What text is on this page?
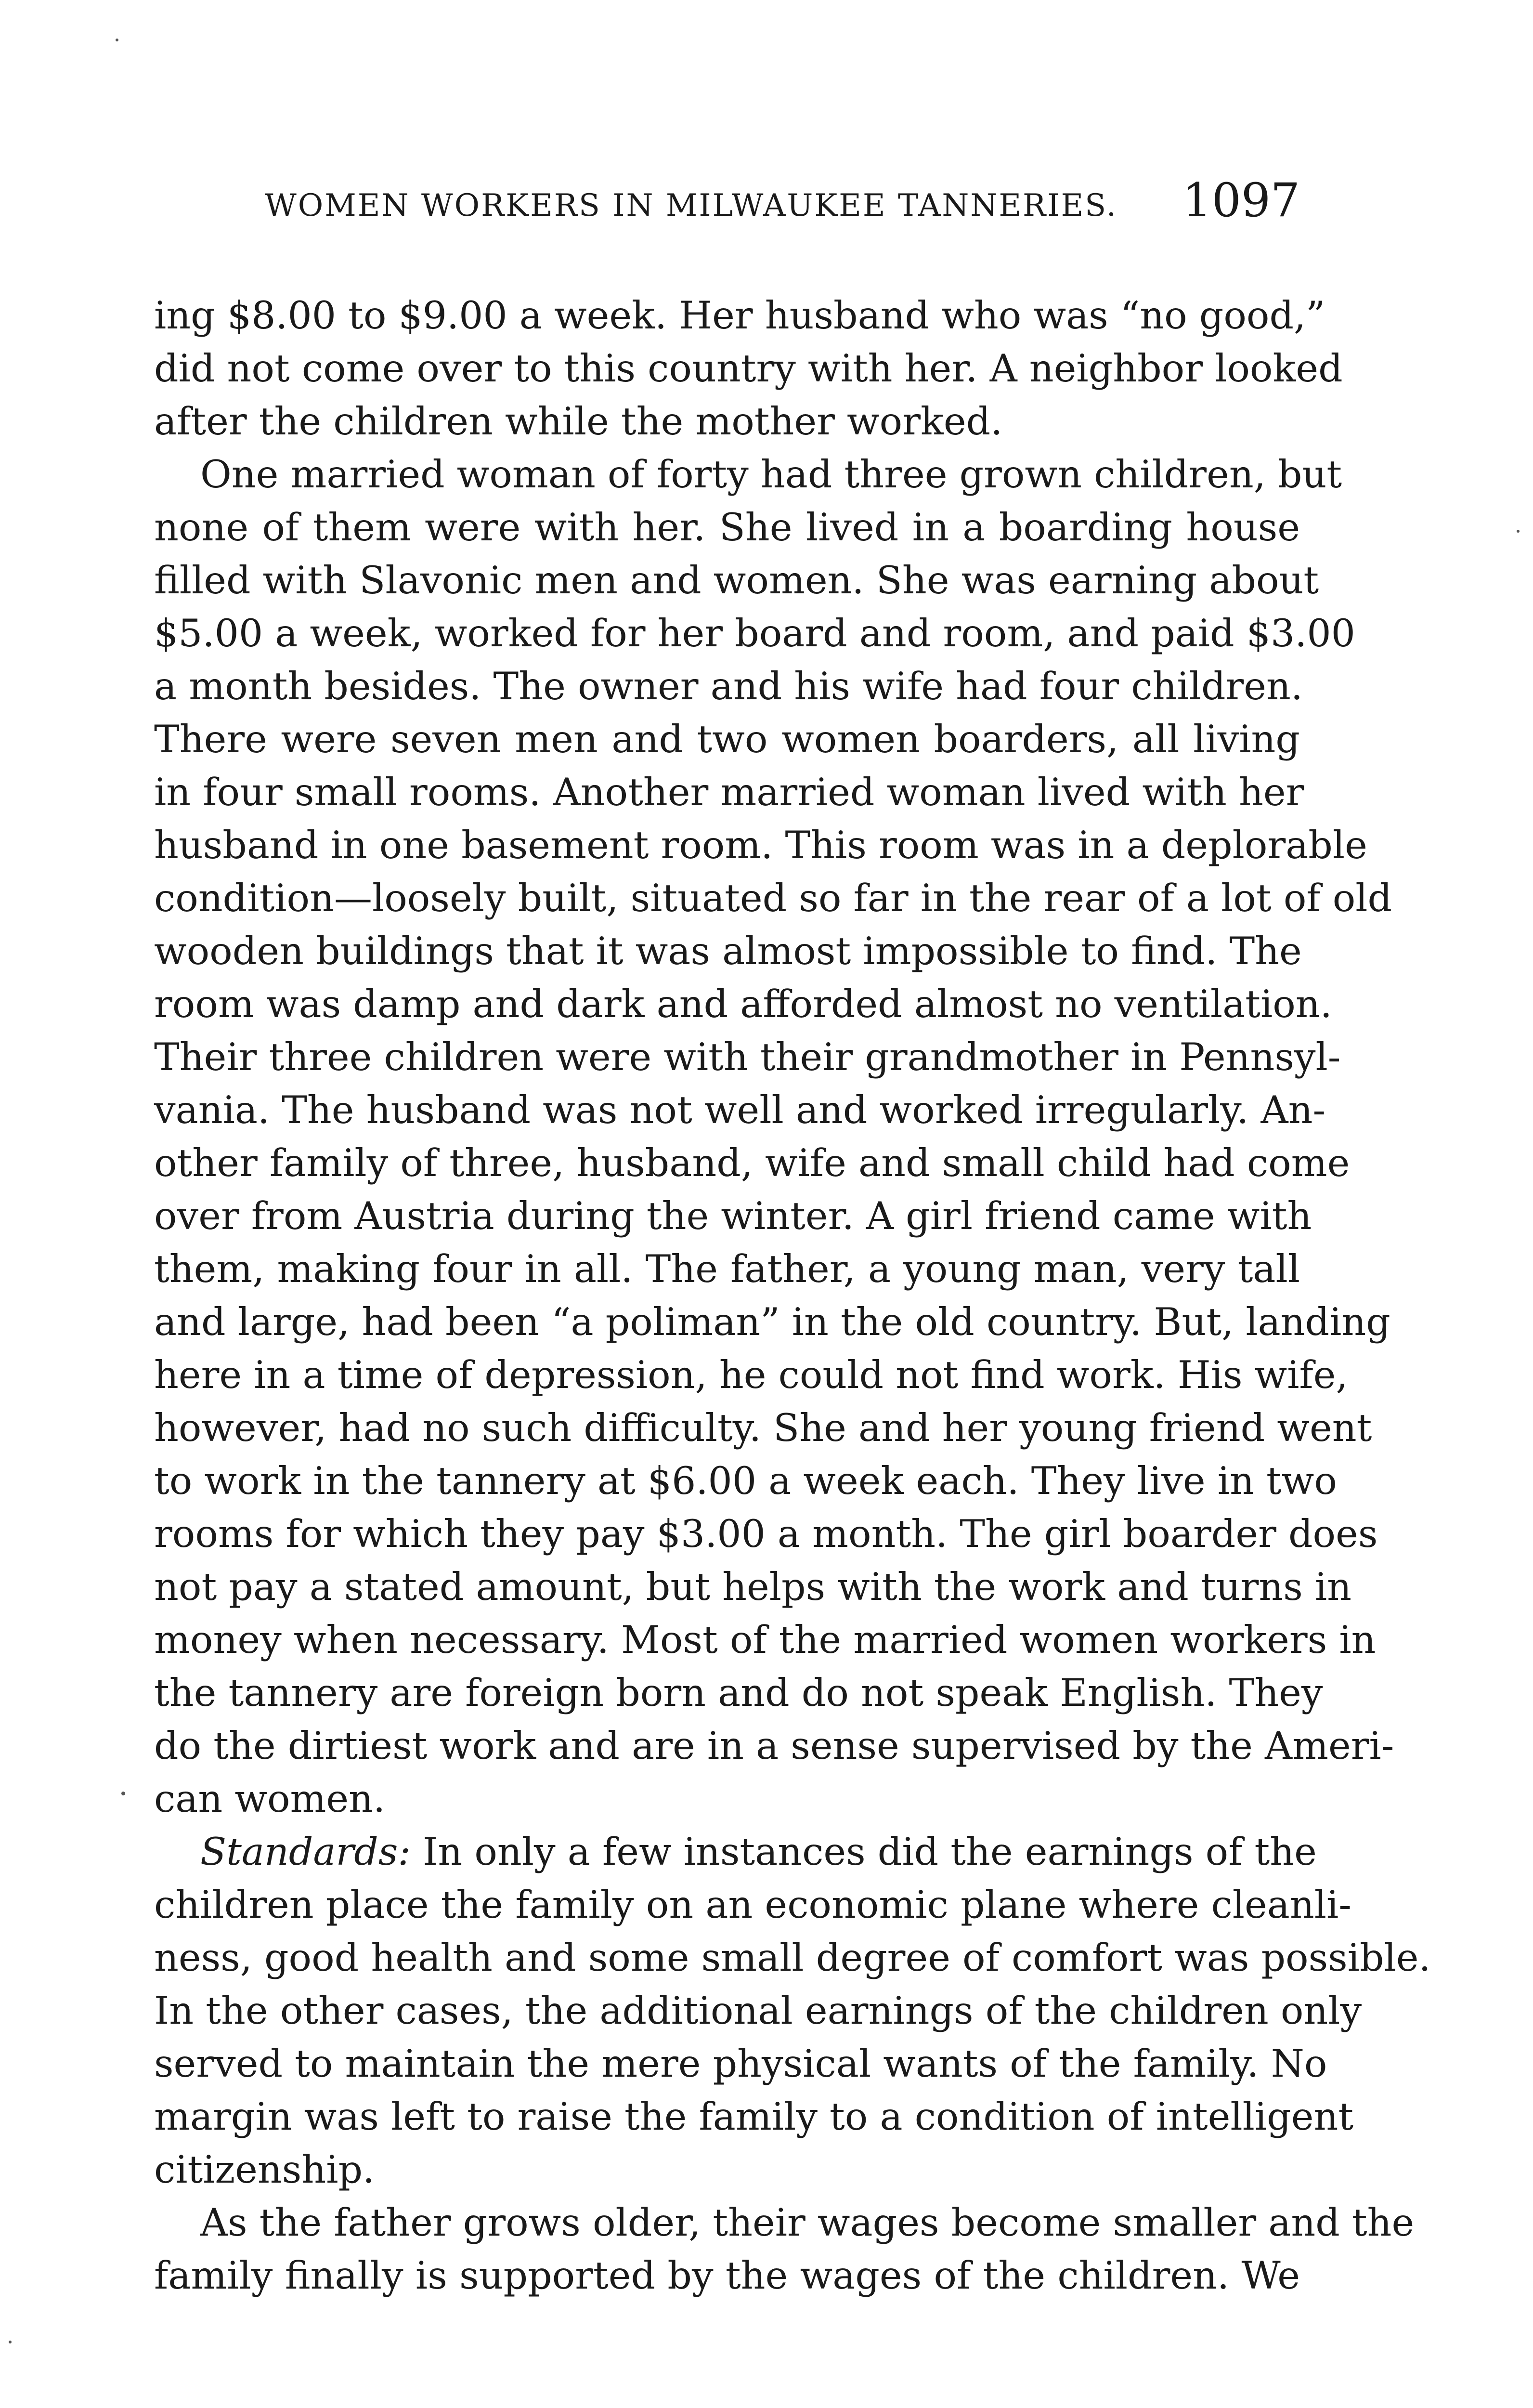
WOMEN WORKERS IN MILWAUKEE TANNERIES. 1097
ing $8.00 to $9.00 a week. Her husband who was “no good,”
did not come over to this country with her. A neighbor looked
after the children while the mother worked.
One married woman of forty had three grown children, but
none of them were with her. She lived in a boarding house
filled with Slavonic men and women. She was earning about
$5.00 a week, worked for her board and room, and paid $3.00
a month besides. The owner and his wife had four children.
There were seven men and two women boarders, all living
in four small rooms. Another married woman lived with her
husband in one basement room. This room was in a deplorable
condition—loosely built, situated so far in the rear of a lot of old
wooden buildings that it was almost impossible to find. The
room was damp and dark and afforded almost no ventilation.
Their three children were with their grandmother in Pennsyl-
vania. The husband was not well and worked irregularly. An-
other family of three, husband, wife and small child had come
over from Austria during the winter. A girl friend came with
them, making four in all. The father, a young man, very tall
and large, had been “a poliman” in the old country. But, landing
here in a time of depression, he could not find work. His wife,
however, had no such difficulty. She and her young friend went
to work in the tannery at $6.00 a week each. They live in two
rooms for which they pay $3.00 a month. The girl boarder does
not pay a stated amount, but helps with the work and turns in
money when necessary. Most of the married women workers in
the tannery are foreign born and do not speak English. They
do the dirtiest work and are in a sense supervised by the Ameri-
can women.
Standards: In only a few instances did the earnings of the
children place the family on an economic plane where cleanli-
ness, good health and some small degree of comfort was possible.
In the other cases, the additional earnings of the children only
served to maintain the mere physical wants of the family. No
margin was left to raise the family to a condition of intelligent
citizenship.
As the father grows older, their wages become smaller and the
family finally is supported by the wages of the children. We
